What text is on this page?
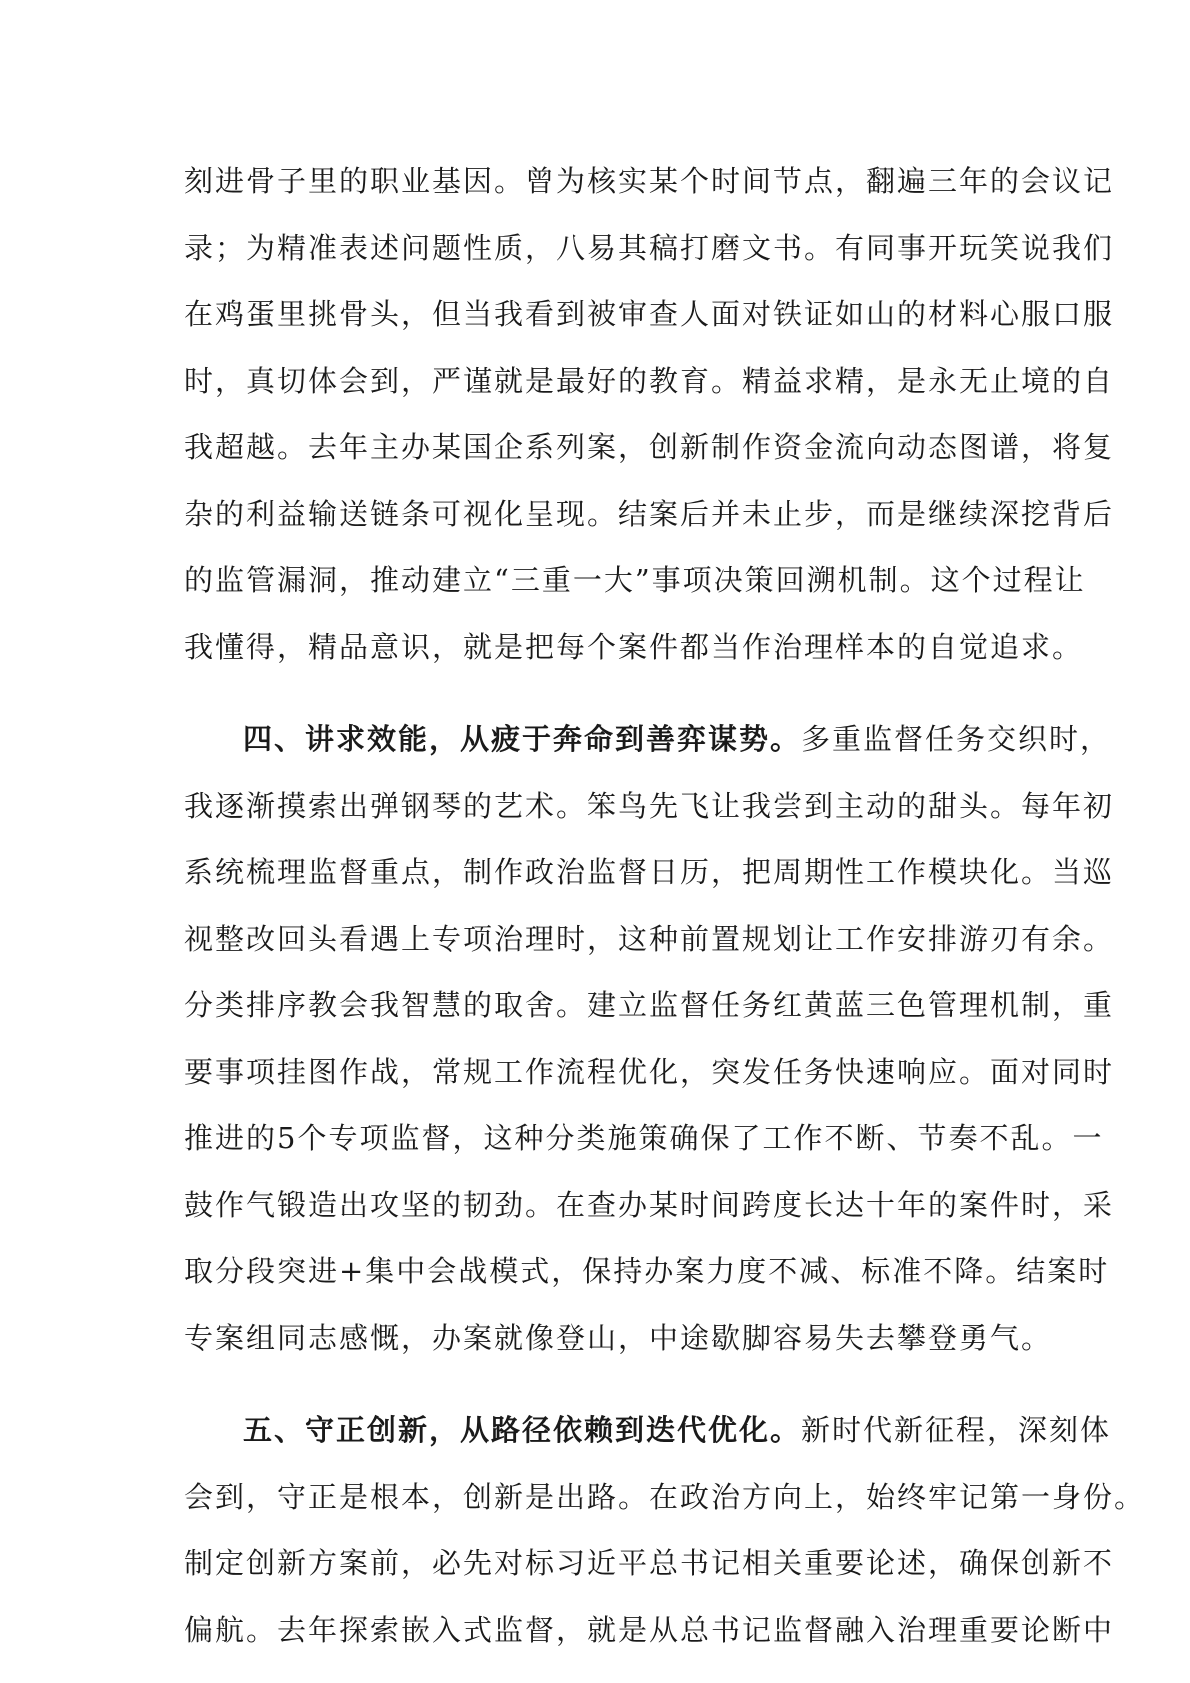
刻进骨子里的职业基因。曾为核实某个时间节点，翻遍三年的会议记
录；为精准表述问题性质，八易其稿打磨文书。有同事开玩笑说我们
在鸡蛋里挑骨头，但当我看到被审查人面对铁证如山的材料心服口服
时，真切体会到，严谨就是最好的教育。精益求精，是永无止境的自
我超越。去年主办某国企系列案，创新制作资金流向动态图谱，将复
杂的利益输送链条可视化呈现。结案后并未止步，而是继续深挖背后
的监管漏洞，推动建立“三重一大”事项决策回溯机制。这个过程让
我懂得，精品意识，就是把每个案件都当作治理样本的自觉追求。
四、讲求效能，从疲于奔命到善弈谋势。多重监督任务交织时，
我逐渐摸索出弹钢琴的艺术。笨鸟先飞让我尝到主动的甜头。每年初
系统梳理监督重点，制作政治监督日历，把周期性工作模块化。当巡
视整改回头看遇上专项治理时，这种前置规划让工作安排游刃有余。
分类排序教会我智慧的取舍。建立监督任务红黄蓝三色管理机制，重
要事项挂图作战，常规工作流程优化，突发任务快速响应。面对同时
推进的5个专项监督，这种分类施策确保了工作不断、节奏不乱。一
鼓作气锻造出攻坚的韧劲。在查办某时间跨度长达十年的案件时，采
取分段突进+集中会战模式，保持办案力度不减、标准不降。结案时
专案组同志感慨，办案就像登山，中途歇脚容易失去攀登勇气。
五、守正创新，从路径依赖到迭代优化。新时代新征程，深刻体
会到，守正是根本，创新是出路。在政治方向上，始终牢记第一身份。
制定创新方案前，必先对标习近平总书记相关重要论述，确保创新不
偏航。去年探索嵌入式监督，就是从总书记监督融入治理重要论断中
